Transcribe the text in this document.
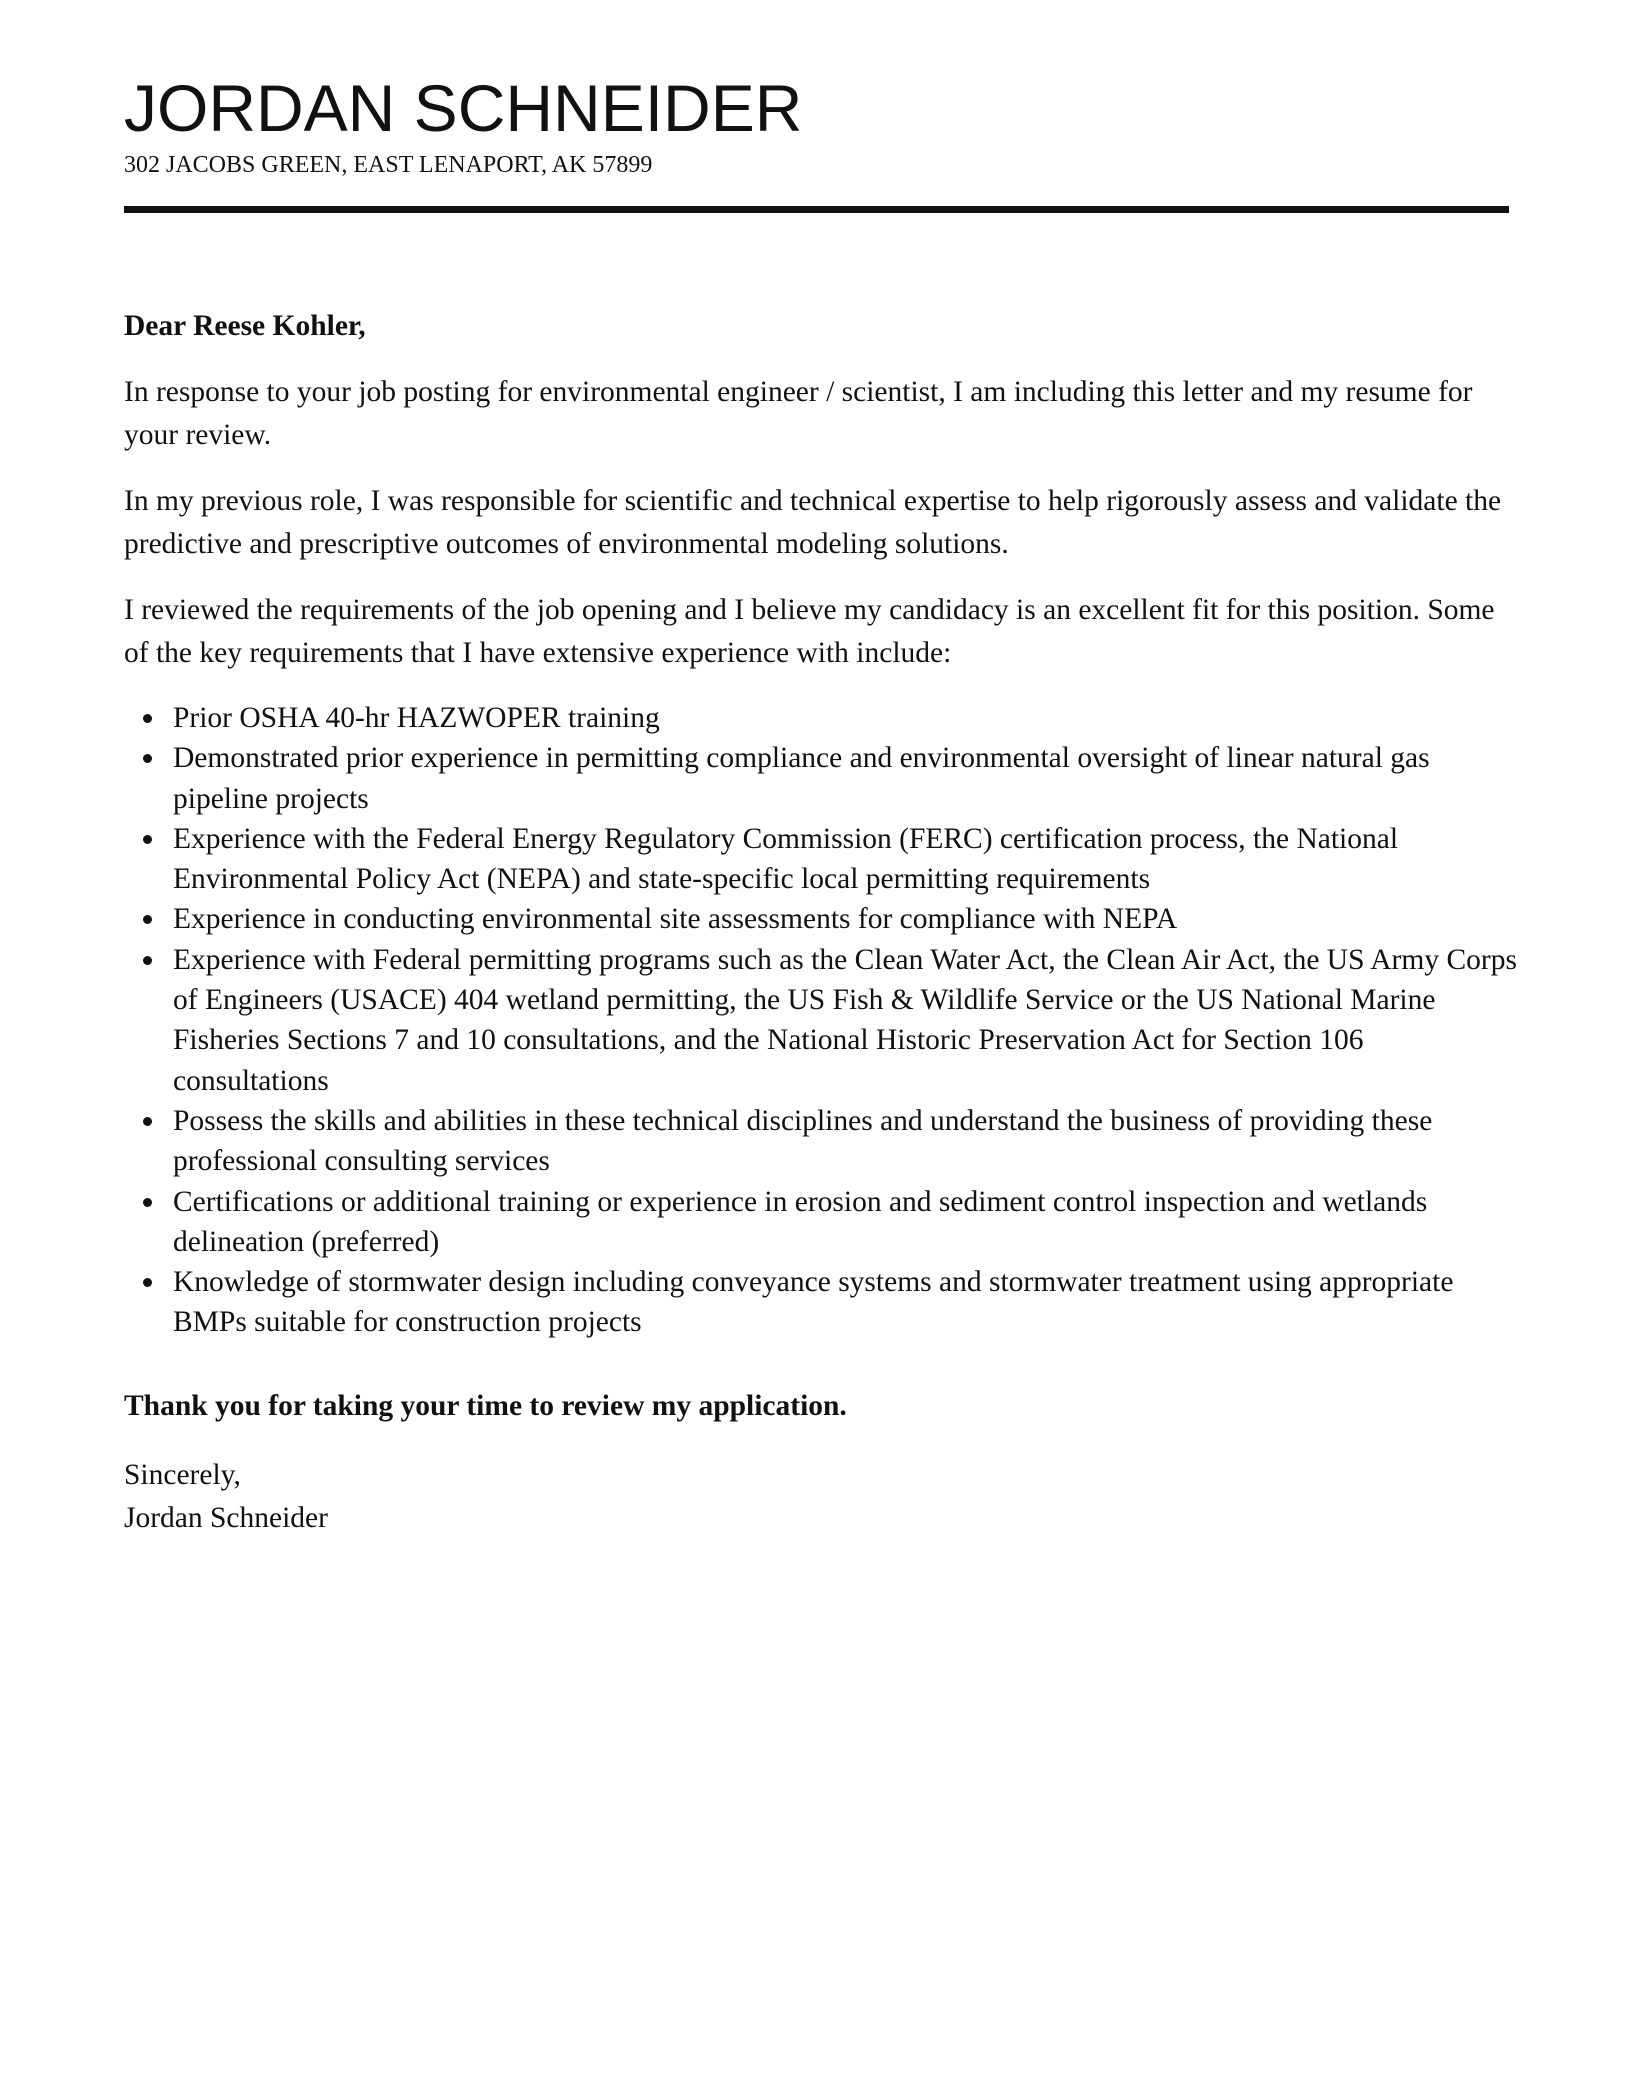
JORDAN SCHNEIDER
302 JACOBS GREEN, EAST LENAPORT, AK 57899

Dear Reese Kohler,

In response to your job posting for environmental engineer / scientist, I am including this letter and my resume for your review.

In my previous role, I was responsible for scientific and technical expertise to help rigorously assess and validate the predictive and prescriptive outcomes of environmental modeling solutions.

I reviewed the requirements of the job opening and I believe my candidacy is an excellent fit for this position. Some of the key requirements that I have extensive experience with include:

Prior OSHA 40-hr HAZWOPER training
Demonstrated prior experience in permitting compliance and environmental oversight of linear natural gas pipeline projects
Experience with the Federal Energy Regulatory Commission (FERC) certification process, the National Environmental Policy Act (NEPA) and state-specific local permitting requirements
Experience in conducting environmental site assessments for compliance with NEPA
Experience with Federal permitting programs such as the Clean Water Act, the Clean Air Act, the US Army Corps of Engineers (USACE) 404 wetland permitting, the US Fish & Wildlife Service or the US National Marine Fisheries Sections 7 and 10 consultations, and the National Historic Preservation Act for Section 106 consultations
Possess the skills and abilities in these technical disciplines and understand the business of providing these professional consulting services
Certifications or additional training or experience in erosion and sediment control inspection and wetlands delineation (preferred)
Knowledge of stormwater design including conveyance systems and stormwater treatment using appropriate BMPs suitable for construction projects

Thank you for taking your time to review my application.

Sincerely,

Jordan Schneider
